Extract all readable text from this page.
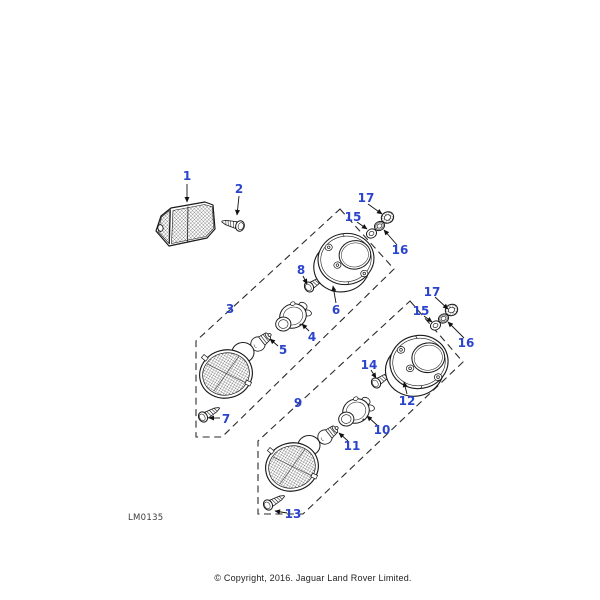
1
2
3
4
5
6
7
8
9
10
11
12
13
14
15
16
17
15
16
17
LM0135
© Copyright, 2016. Jaguar Land Rover Limited.
